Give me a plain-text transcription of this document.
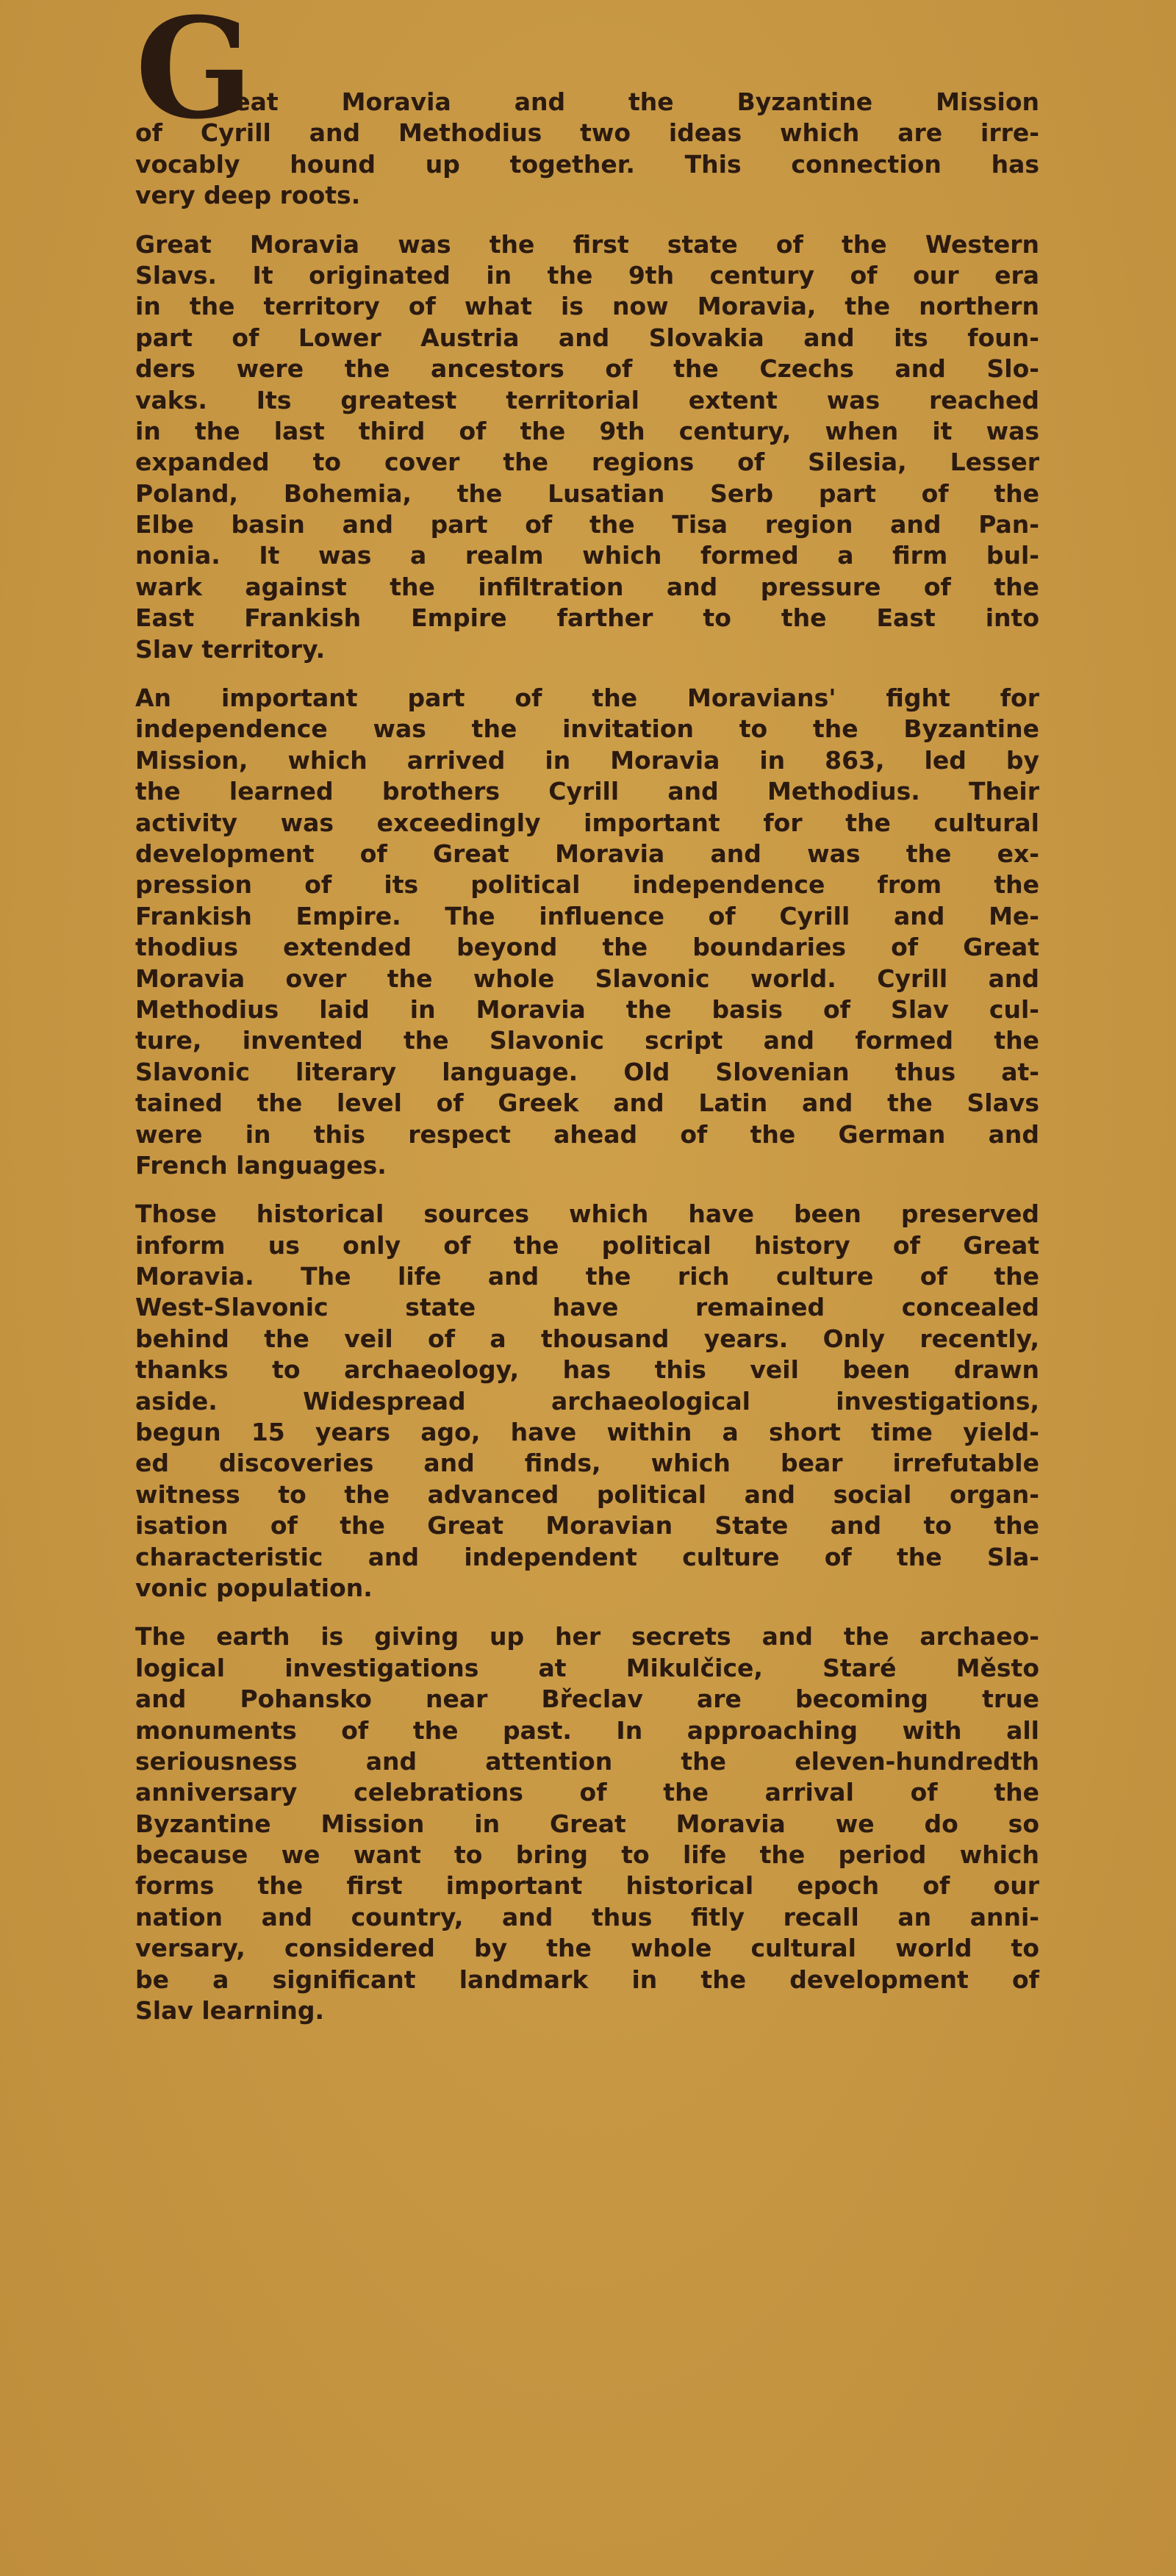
G
reat Moravia and the Byzantine Mission
of Cyrill and Methodius two ideas which are irre-
vocably hound up together. This connection has
very deep roots.
Great Moravia was the first state of the Western
Slavs. It originated in the 9th century of our era
in the territory of what is now Moravia, the northern
part of Lower Austria and Slovakia and its foun-
ders were the ancestors of the Czechs and Slo-
vaks. Its greatest territorial extent was reached
in the last third of the 9th century, when it was
expanded to cover the regions of Silesia, Lesser
Poland, Bohemia, the Lusatian Serb part of the
Elbe basin and part of the Tisa region and Pan-
nonia. It was a realm which formed a firm bul-
wark against the infiltration and pressure of the
East Frankish Empire farther to the East into
Slav territory.
An important part of the Moravians' fight for
independence was the invitation to the Byzantine
Mission, which arrived in Moravia in 863, led by
the learned brothers Cyrill and Methodius. Their
activity was exceedingly important for the cultural
development of Great Moravia and was the ex-
pression of its political independence from the
Frankish Empire. The influence of Cyrill and Me-
thodius extended beyond the boundaries of Great
Moravia over the whole Slavonic world. Cyrill and
Methodius laid in Moravia the basis of Slav cul-
ture, invented the Slavonic script and formed the
Slavonic literary language. Old Slovenian thus at-
tained the level of Greek and Latin and the Slavs
were in this respect ahead of the German and
French languages.
Those historical sources which have been preserved
inform us only of the political history of Great
Moravia. The life and the rich culture of the
West-Slavonic state have remained concealed
behind the veil of a thousand years. Only recently,
thanks to archaeology, has this veil been drawn
aside. Widespread archaeological investigations,
begun 15 years ago, have within a short time yield-
ed discoveries and finds, which bear irrefutable
witness to the advanced political and social organ-
isation of the Great Moravian State and to the
characteristic and independent culture of the Sla-
vonic population.
The earth is giving up her secrets and the archaeo-
logical investigations at Mikulčice, Staré Město
and Pohansko near Břeclav are becoming true
monuments of the past. In approaching with all
seriousness and attention the eleven-hundredth
anniversary celebrations of the arrival of the
Byzantine Mission in Great Moravia we do so
because we want to bring to life the period which
forms the first important historical epoch of our
nation and country, and thus fitly recall an anni-
versary, considered by the whole cultural world to
be a significant landmark in the development of
Slav learning.
